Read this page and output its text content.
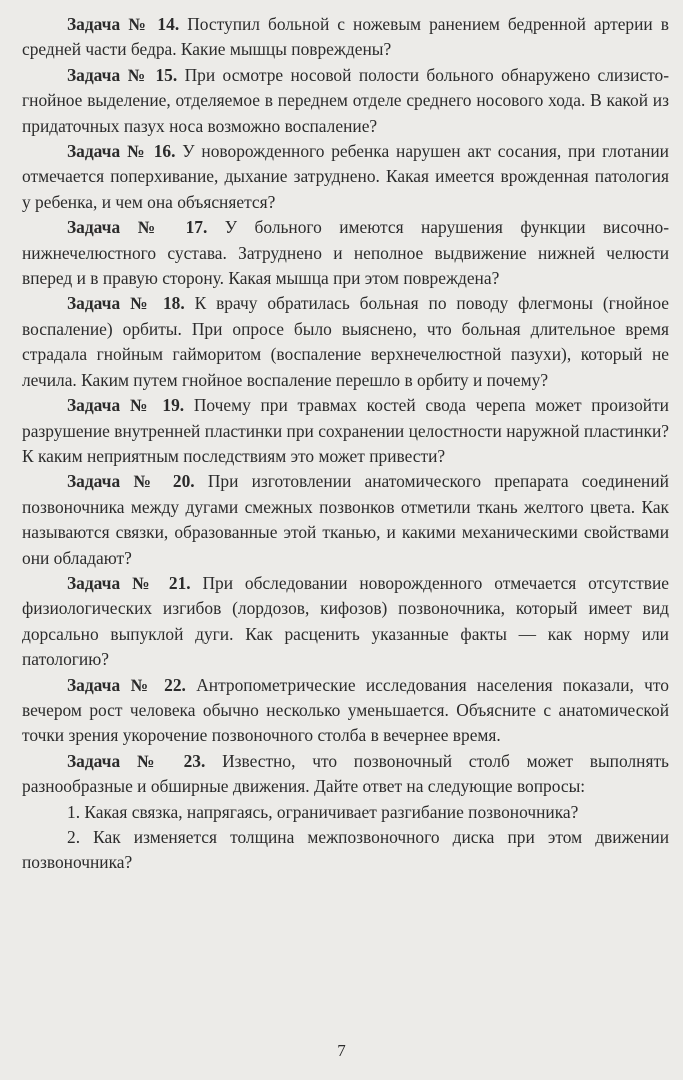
Задача № 14. Поступил больной с ножевым ранением бедренной артерии в средней части бедра. Какие мышцы повреждены?

Задача № 15. При осмотре носовой полости больного обнаружено слизисто-гнойное выделение, отделяемое в переднем отделе среднего носового хода. В какой из придаточных пазух носа возможно воспаление?

Задача № 16. У новорожденного ребенка нарушен акт сосания, при глотании отмечается поперхивание, дыхание затруднено. Какая имеется врожденная патология у ребенка, и чем она объясняется?

Задача № 17. У больного имеются нарушения функции височно-нижнечелюстного сустава. Затруднено и неполное выдвижение нижней челюсти вперед и в правую сторону. Какая мышца при этом повреждена?

Задача № 18. К врачу обратилась больная по поводу флегмоны (гнойное воспаление) орбиты. При опросе было выяснено, что больная длительное время страдала гнойным гайморитом (воспаление верхнечелюстной пазухи), который не лечила. Каким путем гнойное воспаление перешло в орбиту и почему?

Задача № 19. Почему при травмах костей свода черепа может произойти разрушение внутренней пластинки при сохранении целостности наружной пластинки? К каким неприятным последствиям это может привести?

Задача № 20. При изготовлении анатомического препарата соединений позвоночника между дугами смежных позвонков отметили ткань желтого цвета. Как называются связки, образованные этой тканью, и какими механическими свойствами они обладают?

Задача № 21. При обследовании новорожденного отмечается отсутствие физиологических изгибов (лордозов, кифозов) позвоночника, который имеет вид дорсально выпуклой дуги. Как расценить указанные факты — как норму или патологию?

Задача № 22. Антропометрические исследования населения показали, что вечером рост человека обычно несколько уменьшается. Объясните с анатомической точки зрения укорочение позвоночного столба в вечернее время.

Задача № 23. Известно, что позвоночный столб может выполнять разнообразные и обширные движения. Дайте ответ на следующие вопросы:

1. Какая связка, напрягаясь, ограничивает разгибание позвоночника?

2. Как изменяется толщина межпозвоночного диска при этом движении позвоночника?

7
